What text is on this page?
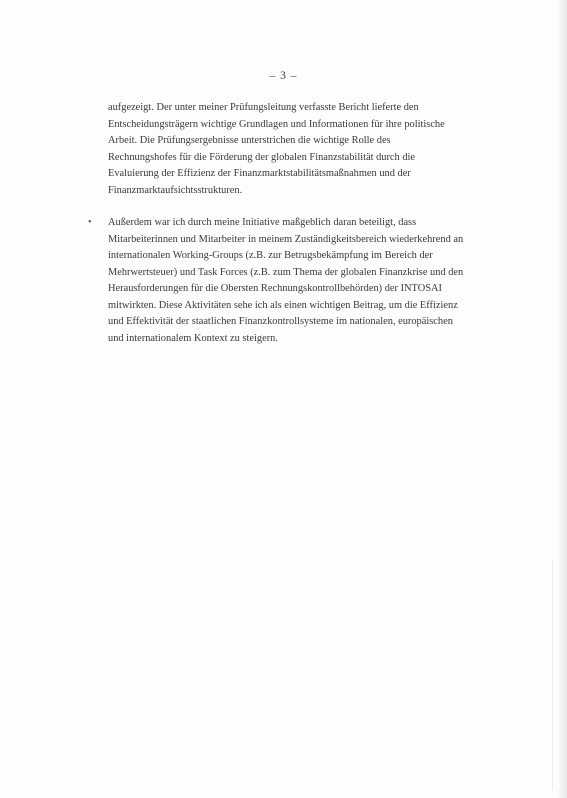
– 3 –
aufgezeigt. Der unter meiner Prüfungsleitung verfasste Bericht lieferte den
Entscheidungsträgern wichtige Grundlagen und Informationen für ihre politische
Arbeit. Die Prüfungsergebnisse unterstrichen die wichtige Rolle des
Rechnungshofes für die Förderung der globalen Finanzstabilität durch die
Evaluierung der Effizienz der Finanzmarktstabilitätsmaßnahmen und der
Finanzmarktaufsichtsstrukturen.
• Außerdem war ich durch meine Initiative maßgeblich daran beteiligt, dass
Mitarbeiterinnen und Mitarbeiter in meinem Zuständigkeitsbereich wiederkehrend an
internationalen Working-Groups (z.B. zur Betrugsbekämpfung im Bereich der
Mehrwertsteuer) und Task Forces (z.B. zum Thema der globalen Finanzkrise und den
Herausforderungen für die Obersten Rechnungskontrollbehörden) der INTOSAI
mitwirkten. Diese Aktivitäten sehe ich als einen wichtigen Beitrag, um die Effizienz
und Effektivität der staatlichen Finanzkontrollsysteme im nationalen, europäischen
und internationalem Kontext zu steigern.
